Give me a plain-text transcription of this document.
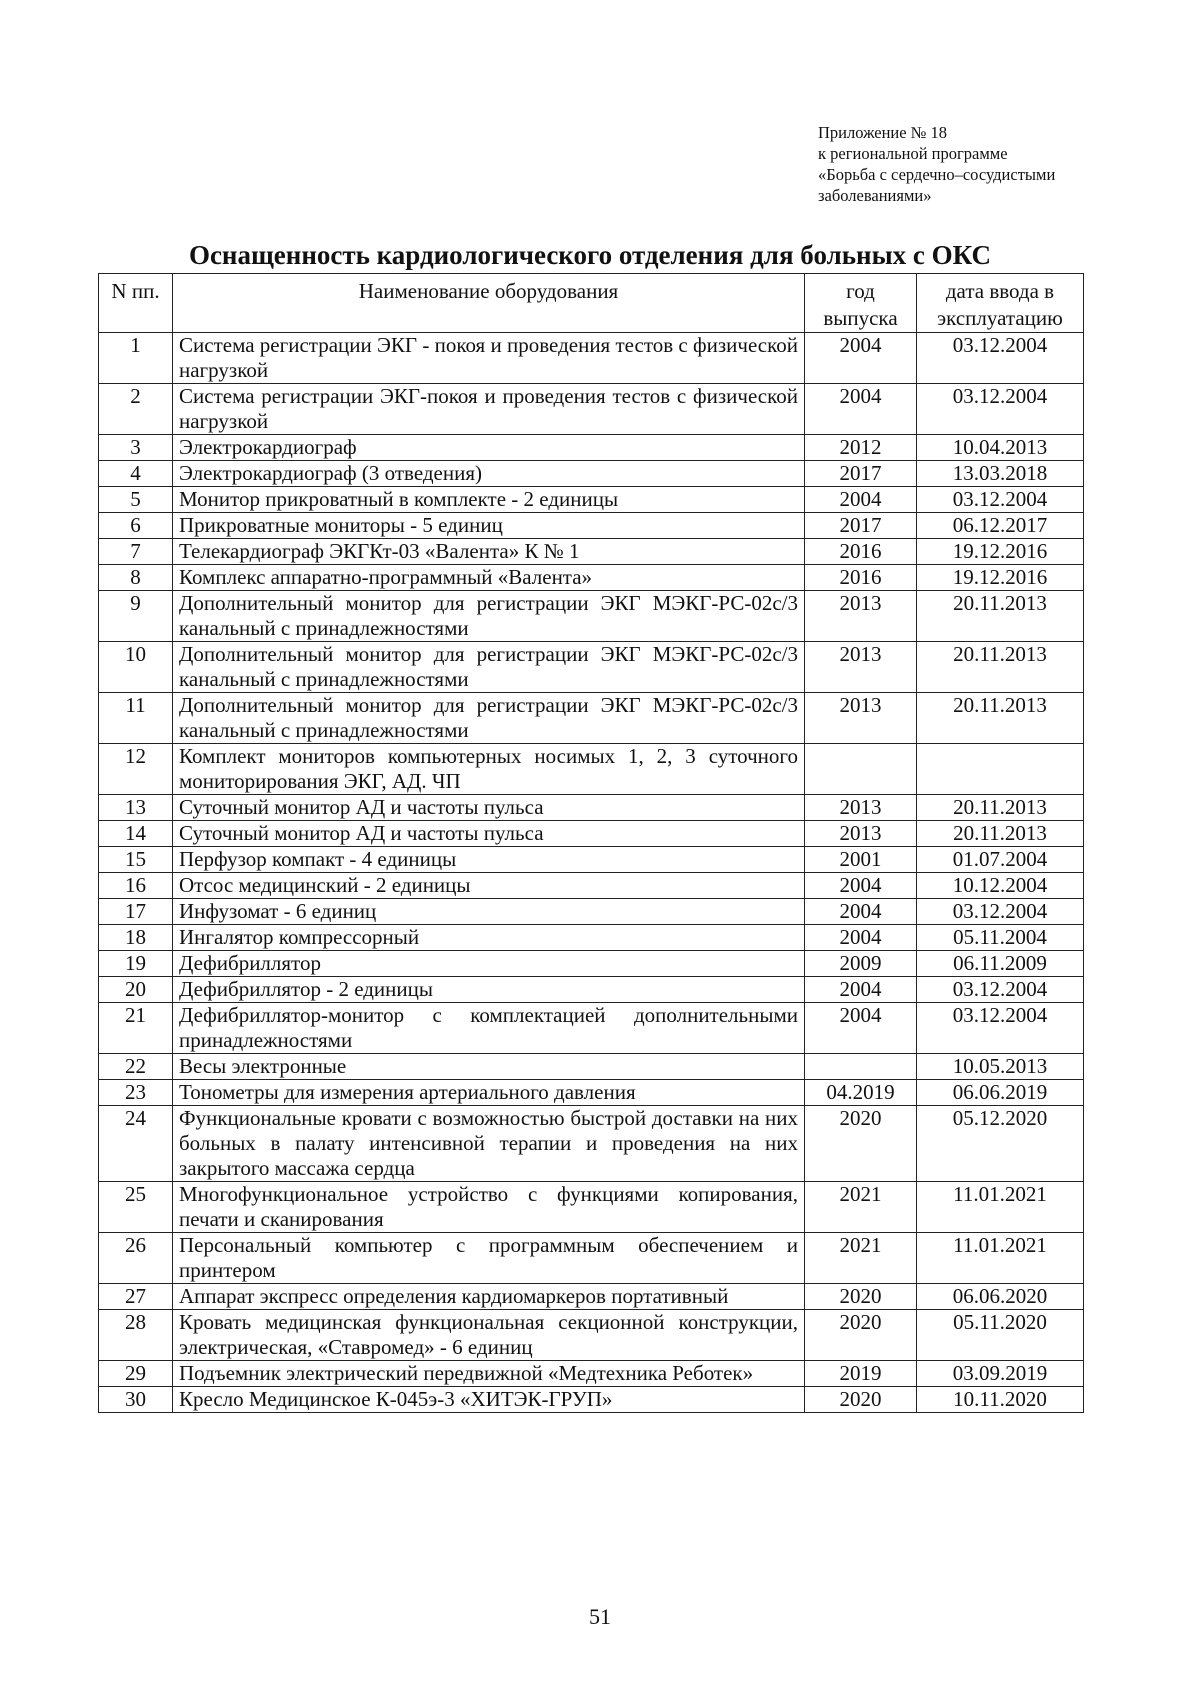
Приложение № 18
к региональной программе
«Борьба с сердечно–сосудистыми
заболеваниями»
Оснащенность кардиологического отделения для больных с ОКС
N пп.	Наименование оборудования	год выпуска	дата ввода в эксплуатацию
1	Система регистрации ЭКГ - покоя и проведения тестов с физической нагрузкой	2004	03.12.2004
2	Система регистрации ЭКГ-покоя и проведения тестов с физической нагрузкой	2004	03.12.2004
3	Электрокардиограф	2012	10.04.2013
4	Электрокардиограф (3 отведения)	2017	13.03.2018
5	Монитор прикроватный в комплекте - 2 единицы	2004	03.12.2004
6	Прикроватные мониторы - 5 единиц	2017	06.12.2017
7	Телекардиограф ЭКГКт-03 «Валента» К № 1	2016	19.12.2016
8	Комплекс аппаратно-программный «Валента»	2016	19.12.2016
9	Дополнительный монитор для регистрации ЭКГ МЭКГ-РС-02с/3 канальный с принадлежностями	2013	20.11.2013
10	Дополнительный монитор для регистрации ЭКГ МЭКГ-РС-02с/3 канальный с принадлежностями	2013	20.11.2013
11	Дополнительный монитор для регистрации ЭКГ МЭКГ-РС-02с/3 канальный с принадлежностями	2013	20.11.2013
12	Комплект мониторов компьютерных носимых 1, 2, 3 суточного мониторирования ЭКГ, АД. ЧП		
13	Суточный монитор АД и частоты пульса	2013	20.11.2013
14	Суточный монитор АД и частоты пульса	2013	20.11.2013
15	Перфузор компакт - 4 единицы	2001	01.07.2004
16	Отсос медицинский - 2 единицы	2004	10.12.2004
17	Инфузомат - 6 единиц	2004	03.12.2004
18	Ингалятор компрессорный	2004	05.11.2004
19	Дефибриллятор	2009	06.11.2009
20	Дефибриллятор - 2 единицы	2004	03.12.2004
21	Дефибриллятор-монитор с комплектацией дополнительными принадлежностями	2004	03.12.2004
22	Весы электронные		10.05.2013
23	Тонометры для измерения артериального давления	04.2019	06.06.2019
24	Функциональные кровати с возможностью быстрой доставки на них больных в палату интенсивной терапии и проведения на них закрытого массажа сердца	2020	05.12.2020
25	Многофункциональное устройство с функциями копирования, печати и сканирования	2021	11.01.2021
26	Персональный компьютер с программным обеспечением и принтером	2021	11.01.2021
27	Аппарат экспресс определения кардиомаркеров портативный	2020	06.06.2020
28	Кровать медицинская функциональная секционной конструкции, электрическая, «Ставромед» - 6 единиц	2020	05.11.2020
29	Подъемник электрический передвижной «Медтехника Реботек»	2019	03.09.2019
30	Кресло Медицинское К-045э-3 «ХИТЭК-ГРУП»	2020	10.11.2020
51
